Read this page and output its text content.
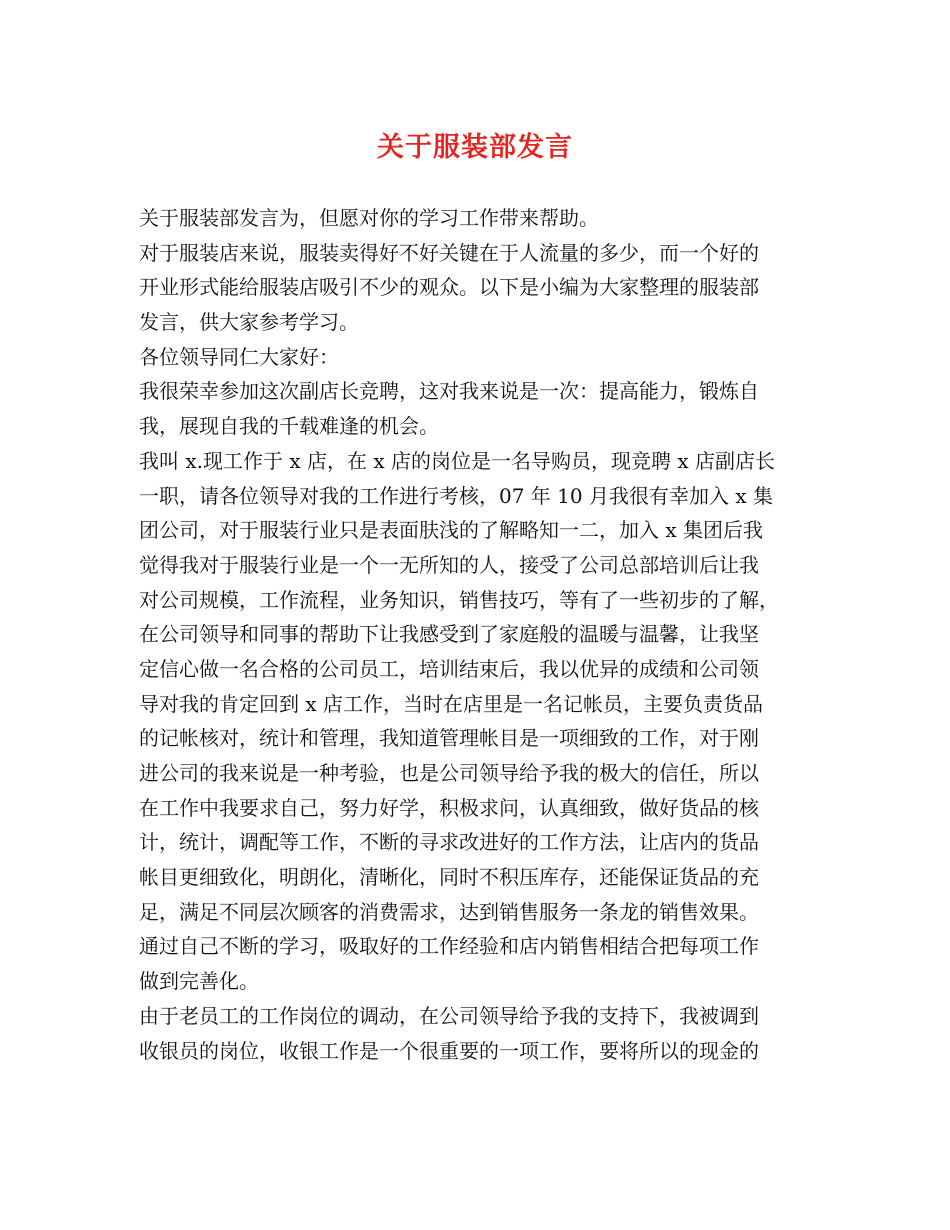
关于服装部发言
关于服装部发言为，但愿对你的学习工作带来帮助。
对于服装店来说，服装卖得好不好关键在于人流量的多少，而一个好的
开业形式能给服装店吸引不少的观众。以下是小编为大家整理的服装部
发言，供大家参考学习。
各位领导同仁大家好：
我很荣幸参加这次副店长竞聘，这对我来说是一次：提高能力，锻炼自
我，展现自我的千载难逢的机会。
我叫 x.现工作于 x 店，在 x 店的岗位是一名导购员，现竞聘 x 店副店长
一职，请各位领导对我的工作进行考核，07 年 10 月我很有幸加入 x 集
团公司，对于服装行业只是表面肤浅的了解略知一二，加入 x 集团后我
觉得我对于服装行业是一个一无所知的人，接受了公司总部培训后让我
对公司规模，工作流程，业务知识，销售技巧，等有了一些初步的了解，
在公司领导和同事的帮助下让我感受到了家庭般的温暖与温馨，让我坚
定信心做一名合格的公司员工，培训结束后，我以优异的成绩和公司领
导对我的肯定回到 x 店工作，当时在店里是一名记帐员，主要负责货品
的记帐核对，统计和管理，我知道管理帐目是一项细致的工作，对于刚
进公司的我来说是一种考验，也是公司领导给予我的极大的信任，所以
在工作中我要求自己，努力好学，积极求问，认真细致，做好货品的核
计，统计，调配等工作，不断的寻求改进好的工作方法，让店内的货品
帐目更细致化，明朗化，清晰化，同时不积压库存，还能保证货品的充
足，满足不同层次顾客的消费需求，达到销售服务一条龙的销售效果。
通过自己不断的学习，吸取好的工作经验和店内销售相结合把每项工作
做到完善化。
由于老员工的工作岗位的调动，在公司领导给予我的支持下，我被调到
收银员的岗位，收银工作是一个很重要的一项工作，要将所以的现金的
